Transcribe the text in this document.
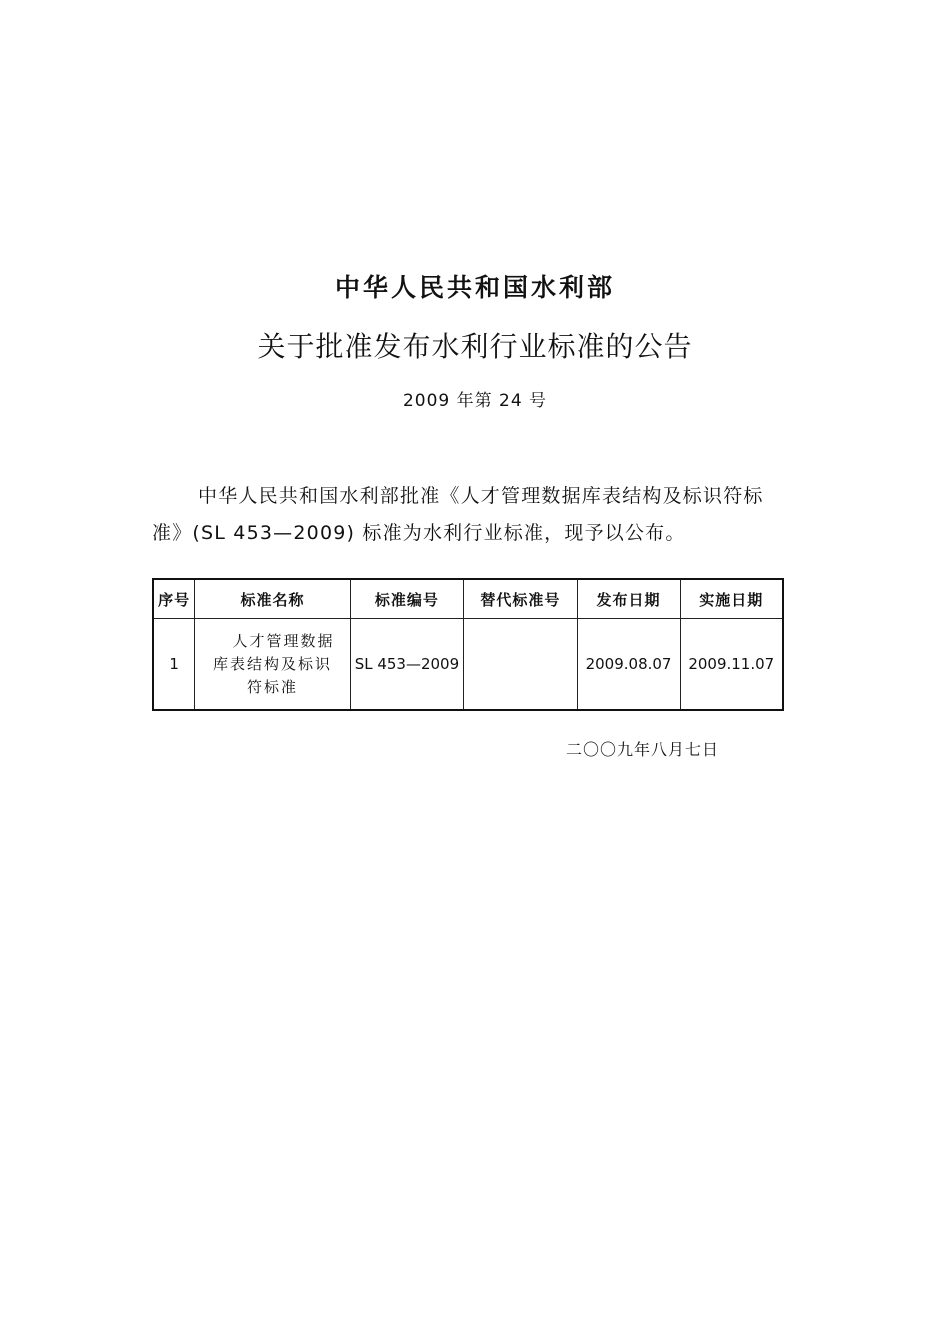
中华人民共和国水利部
关于批准发布水利行业标准的公告
2009 年第 24 号
中华人民共和国水利部批准《人才管理数据库表结构及标识符标准》(SL 453—2009) 标准为水利行业标准，现予以公布。
序号	标准名称	标准编号	替代标准号	发布日期	实施日期
1	人才管理数据
库表结构及标识
符标准	SL 453—2009		2009.08.07	2009.11.07
二〇〇九年八月七日
